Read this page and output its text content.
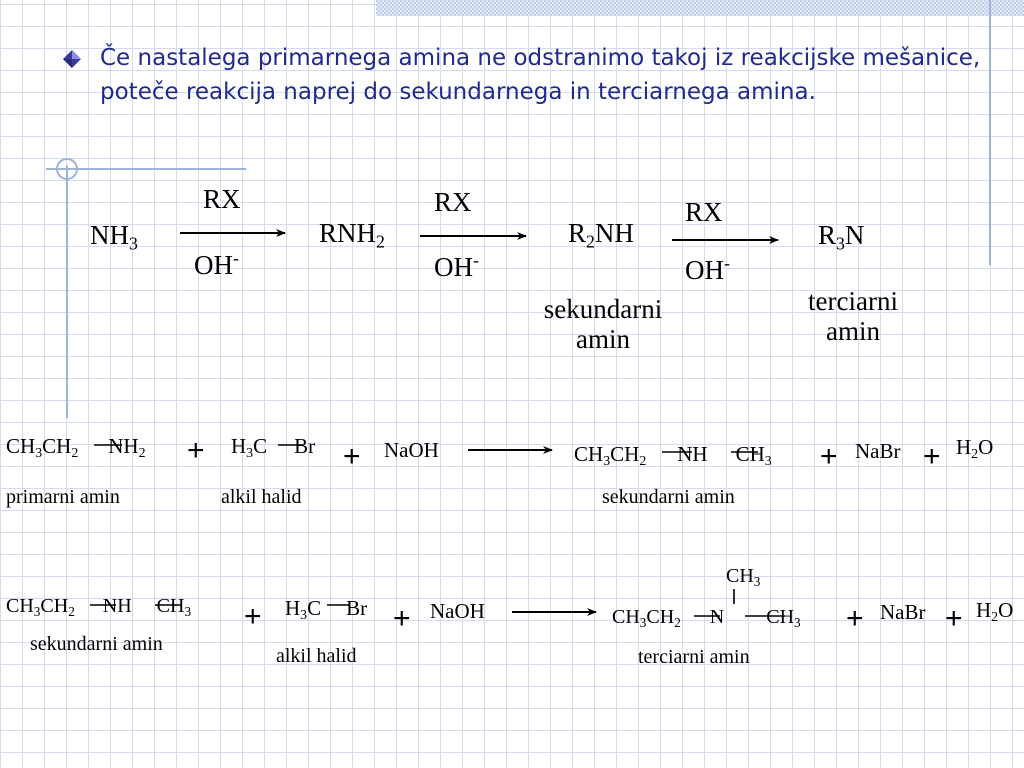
Če nastalega primarnega amina ne odstranimo takoj iz reakcijske mešanice, poteče reakcija naprej do sekundarnega in terciarnega amina.
$NH_3$
RX
OH-
$RNH_2$
RX
OH-
$R_2NH$
sekundarni
amin
RX
OH-
$R_3N$
terciarni
amin
$CH_3CH_2$ $NH_2$
primarni amin
+ $H_3C$ Br
alkil halid
+ NaOH	$CH_3CH_2$ NH $CH_3$
sekundarni amin
+ NaBr + $H_2O$
$CH_3CH_2$ NH $CH_3$
sekundarni amin
+ $H_3C$ Br
alkil halid
+ NaOH
$CH_3$
$CH_3CH_2$ N $CH_3$
terciarni amin
+ NaBr + $H_2O$
